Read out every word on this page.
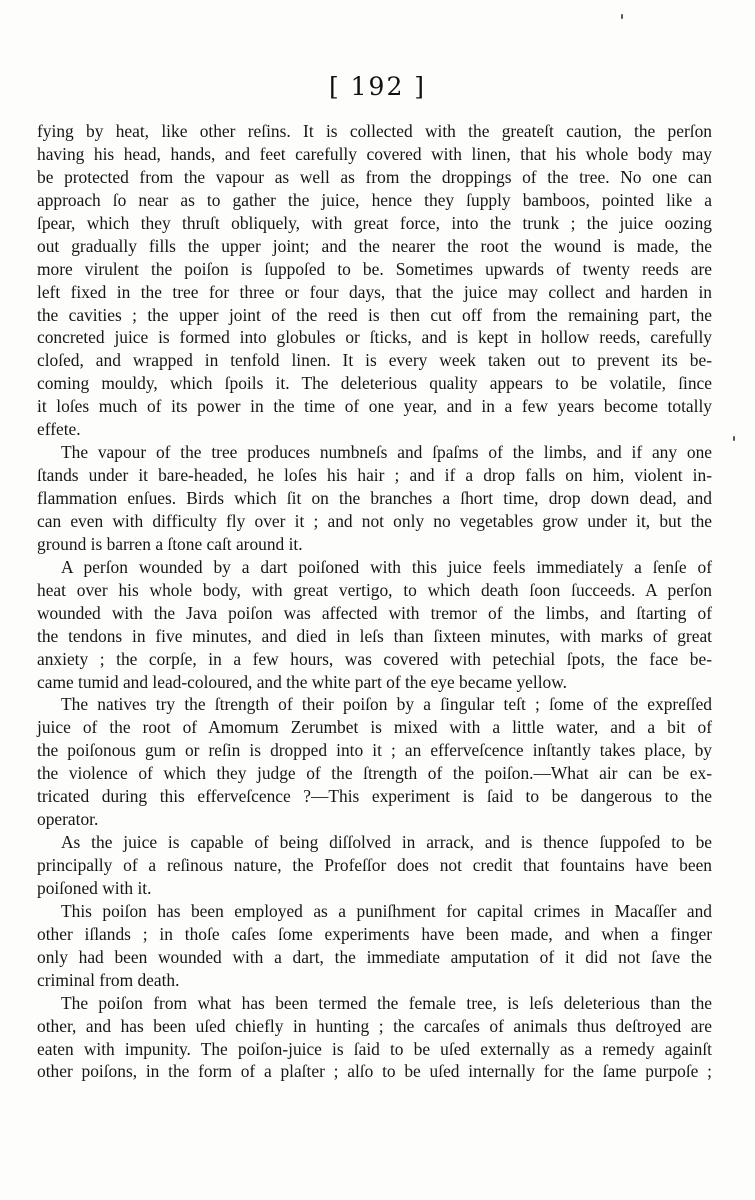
[ 192 ]
fying by heat, like other reſins. It is collected with the greateſt caution, the perſon
having his head, hands, and feet carefully covered with linen, that his whole body may
be protected from the vapour as well as from the droppings of the tree. No one can
approach ſo near as to gather the juice, hence they ſupply bamboos, pointed like a
ſpear, which they thruſt obliquely, with great force, into the trunk ; the juice oozing
out gradually fills the upper joint; and the nearer the root the wound is made, the
more virulent the poiſon is ſuppoſed to be. Sometimes upwards of twenty reeds are
left fixed in the tree for three or four days, that the juice may collect and harden in
the cavities ; the upper joint of the reed is then cut off from the remaining part, the
concreted juice is formed into globules or ſticks, and is kept in hollow reeds, carefully
cloſed, and wrapped in tenfold linen. It is every week taken out to prevent its be-
coming mouldy, which ſpoils it. The deleterious quality appears to be volatile, ſince
it loſes much of its power in the time of one year, and in a few years become totally
effete.
The vapour of the tree produces numbneſs and ſpaſms of the limbs, and if any one
ſtands under it bare-headed, he loſes his hair ; and if a drop falls on him, violent in-
flammation enſues. Birds which ſit on the branches a ſhort time, drop down dead, and
can even with difficulty fly over it ; and not only no vegetables grow under it, but the
ground is barren a ſtone caſt around it.
A perſon wounded by a dart poiſoned with this juice feels immediately a ſenſe of
heat over his whole body, with great vertigo, to which death ſoon ſucceeds. A perſon
wounded with the Java poiſon was affected with tremor of the limbs, and ſtarting of
the tendons in five minutes, and died in leſs than ſixteen minutes, with marks of great
anxiety ; the corpſe, in a few hours, was covered with petechial ſpots, the face be-
came tumid and lead-coloured, and the white part of the eye became yellow.
The natives try the ſtrength of their poiſon by a ſingular teſt ; ſome of the expreſſed
juice of the root of Amomum Zerumbet is mixed with a little water, and a bit of
the poiſonous gum or reſin is dropped into it ; an efferveſcence inſtantly takes place, by
the violence of which they judge of the ſtrength of the poiſon.—What air can be ex-
tricated during this efferveſcence ?—This experiment is ſaid to be dangerous to the
operator.
As the juice is capable of being diſſolved in arrack, and is thence ſuppoſed to be
principally of a reſinous nature, the Profeſſor does not credit that fountains have been
poiſoned with it.
This poiſon has been employed as a puniſhment for capital crimes in Macaſſer and
other iſlands ; in thoſe caſes ſome experiments have been made, and when a finger
only had been wounded with a dart, the immediate amputation of it did not ſave the
criminal from death.
The poiſon from what has been termed the female tree, is leſs deleterious than the
other, and has been uſed chiefly in hunting ; the carcaſes of animals thus deſtroyed are
eaten with impunity. The poiſon-juice is ſaid to be uſed externally as a remedy againſt
other poiſons, in the form of a plaſter ; alſo to be uſed internally for the ſame purpoſe ;
